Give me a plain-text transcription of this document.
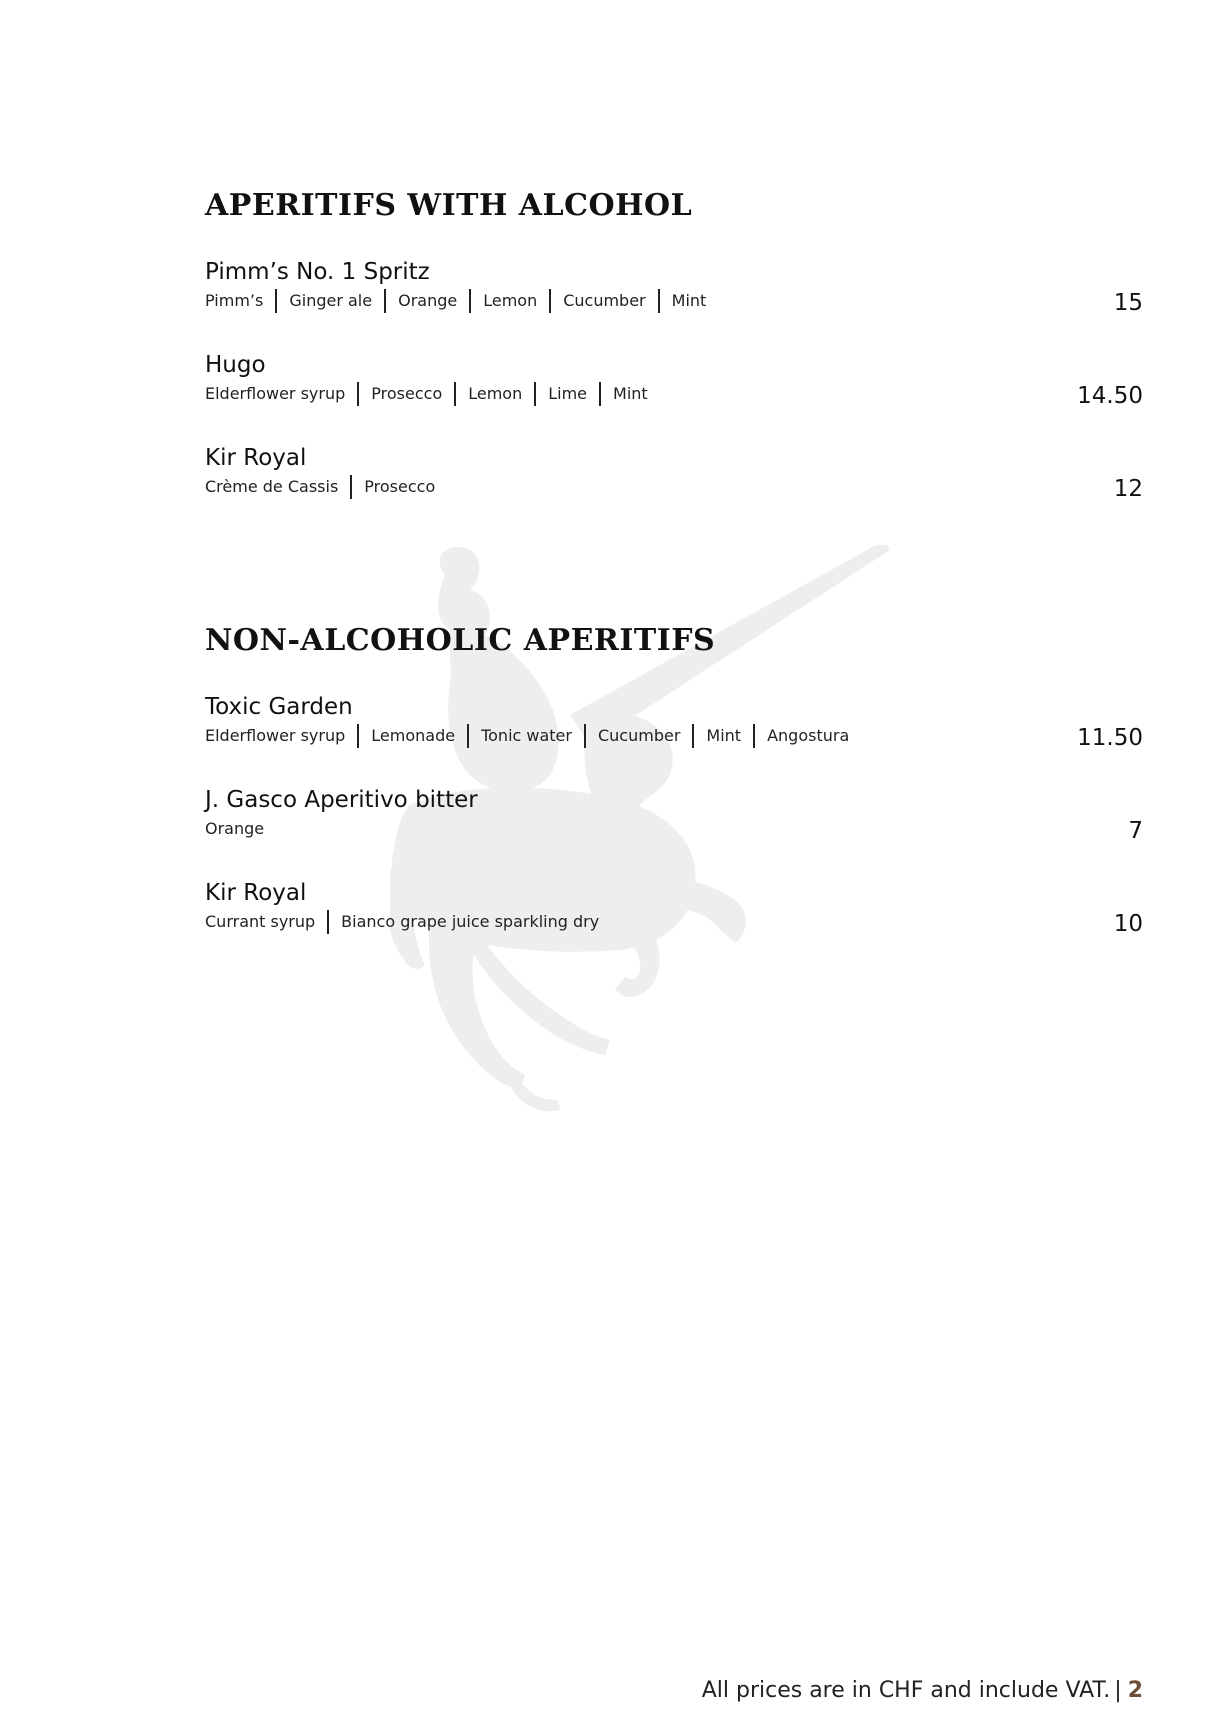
APERITIFS WITH ALCOHOL
Pimm’s No. 1 Spritz
Pimm’s Ginger ale Orange Lemon Cucumber Mint	15
Hugo
Elderflower syrup Prosecco Lemon Lime Mint	14.50
Kir Royal
Crème de Cassis Prosecco	12
NON-ALCOHOLIC APERITIFS
Toxic Garden
Elderflower syrup Lemonade Tonic water Cucumber Mint Angostura	11.50
J. Gasco Aperitivo bitter
Orange	7
Kir Royal
Currant syrup Bianco grape juice sparkling dry	10
All prices are in CHF and include VAT. | 2
